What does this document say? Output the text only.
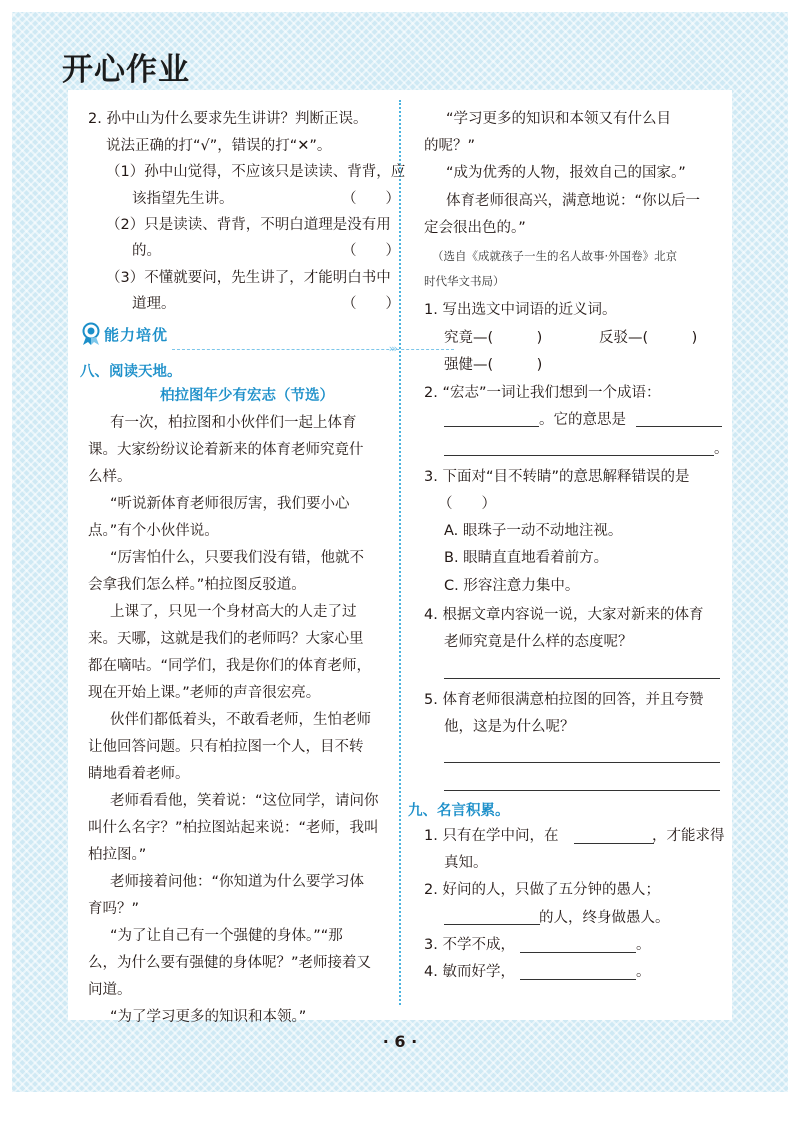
开心作业
2. 孙中山为什么要求先生讲讲？判断正误。
说法正确的打“√”，错误的打“✕”。
（1）孙中山觉得，不应该只是读读、背背，应
该指望先生讲。	（　　）
（2）只是读读、背背，不明白道理是没有用
的。	（　　）
（3）不懂就要问，先生讲了，才能明白书中
道理。	（　　）
能力培优
›››
八、阅读天地。
柏拉图年少有宏志（节选）
有一次，柏拉图和小伙伴们一起上体育
课。大家纷纷议论着新来的体育老师究竟什
么样。
“听说新体育老师很厉害，我们要小心
点。”有个小伙伴说。
“厉害怕什么，只要我们没有错，他就不
会拿我们怎么样。”柏拉图反驳道。
上课了，只见一个身材高大的人走了过
来。天哪，这就是我们的老师吗？大家心里
都在嘀咕。“同学们，我是你们的体育老师，
现在开始上课。”老师的声音很宏亮。
伙伴们都低着头，不敢看老师，生怕老师
让他回答问题。只有柏拉图一个人，目不转
睛地看着老师。
老师看看他，笑着说：“这位同学，请问你
叫什么名字？”柏拉图站起来说：“老师，我叫
柏拉图。”
老师接着问他：“你知道为什么要学习体
育吗？”
“为了让自己有一个强健的身体。”“那
么，为什么要有强健的身体呢？”老师接着又
问道。
“为了学习更多的知识和本领。”
“学习更多的知识和本领又有什么目
的呢？”
“成为优秀的人物，报效自己的国家。”
体育老师很高兴，满意地说：“你以后一
定会很出色的。”
（选自《成就孩子一生的名人故事·外国卷》北京
时代华文书局）
1. 写出选文中词语的近义词。
究竟—(　　　)	反驳—(　　　)
强健—(　　　)
2. “宏志”一词让我们想到一个成语：
。它的意思是
。
3. 下面对“目不转睛”的意思解释错误的是
（　　）
A. 眼珠子一动不动地注视。
B. 眼睛直直地看着前方。
C. 形容注意力集中。
4. 根据文章内容说一说，大家对新来的体育
老师究竟是什么样的态度呢？
5. 体育老师很满意柏拉图的回答，并且夸赞
他，这是为什么呢？
九、名言积累。
1. 只有在学中问，在	，才能求得
真知。
2. 好问的人，只做了五分钟的愚人；
的人，终身做愚人。
3. 不学不成，	。
4. 敏而好学，	。
· 6 ·
